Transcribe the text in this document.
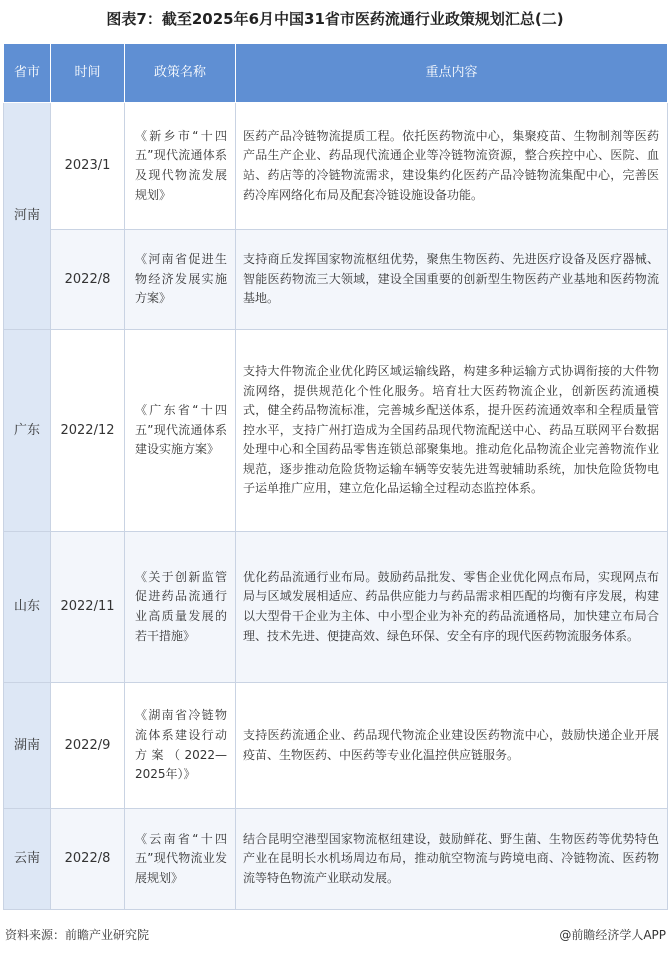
图表7：截至2025年6月中国31省市医药流通行业政策规划汇总(二)
省市	时间	政策名称	重点内容
河南	2023/1	《新乡市“十四五”现代流通体系及现代物流发展规划》	医药产品冷链物流提质工程。依托医药物流中心，集聚疫苗、生物制剂等医药产品生产企业、药品现代流通企业等冷链物流资源，整合疾控中心、医院、血站、药店等的冷链物流需求，建设集约化医药产品冷链物流集配中心，完善医药冷库网络化布局及配套冷链设施设备功能。
	2022/8	《河南省促进生物经济发展实施方案》	支持商丘发挥国家物流枢纽优势，聚焦生物医药、先进医疗设备及医疗器械、智能医药物流三大领域，建设全国重要的创新型生物医药产业基地和医药物流基地。
广东	2022/12	《广东省“十四五”现代流通体系建设实施方案》	支持大件物流企业优化跨区域运输线路，构建多种运输方式协调衔接的大件物流网络，提供规范化个性化服务。培育壮大医药物流企业，创新医药流通模式，健全药品物流标准，完善城乡配送体系，提升医药流通效率和全程质量管控水平，支持广州打造成为全国药品现代物流配送中心、药品互联网平台数据处理中心和全国药品零售连锁总部聚集地。推动危化品物流企业完善物流作业规范，逐步推动危险货物运输车辆等安装先进驾驶辅助系统，加快危险货物电子运单推广应用，建立危化品运输全过程动态监控体系。
山东	2022/11	《关于创新监管促进药品流通行业高质量发展的若干措施》	优化药品流通行业布局。鼓励药品批发、零售企业优化网点布局，实现网点布局与区域发展相适应、药品供应能力与药品需求相匹配的均衡有序发展，构建以大型骨干企业为主体、中小型企业为补充的药品流通格局，加快建立布局合理、技术先进、便捷高效、绿色环保、安全有序的现代医药物流服务体系。
湖南	2022/9	《湖南省冷链物流体系建设行动方案（2022—2025年）》	支持医药流通企业、药品现代物流企业建设医药物流中心，鼓励快递企业开展疫苗、生物医药、中医药等专业化温控供应链服务。
云南	2022/8	《云南省“十四五”现代物流业发展规划》	结合昆明空港型国家物流枢纽建设，鼓励鲜花、野生菌、生物医药等优势特色产业在昆明长水机场周边布局，推动航空物流与跨境电商、冷链物流、医药物流等特色物流产业联动发展。
资料来源：前瞻产业研究院	@前瞻经济学人APP
